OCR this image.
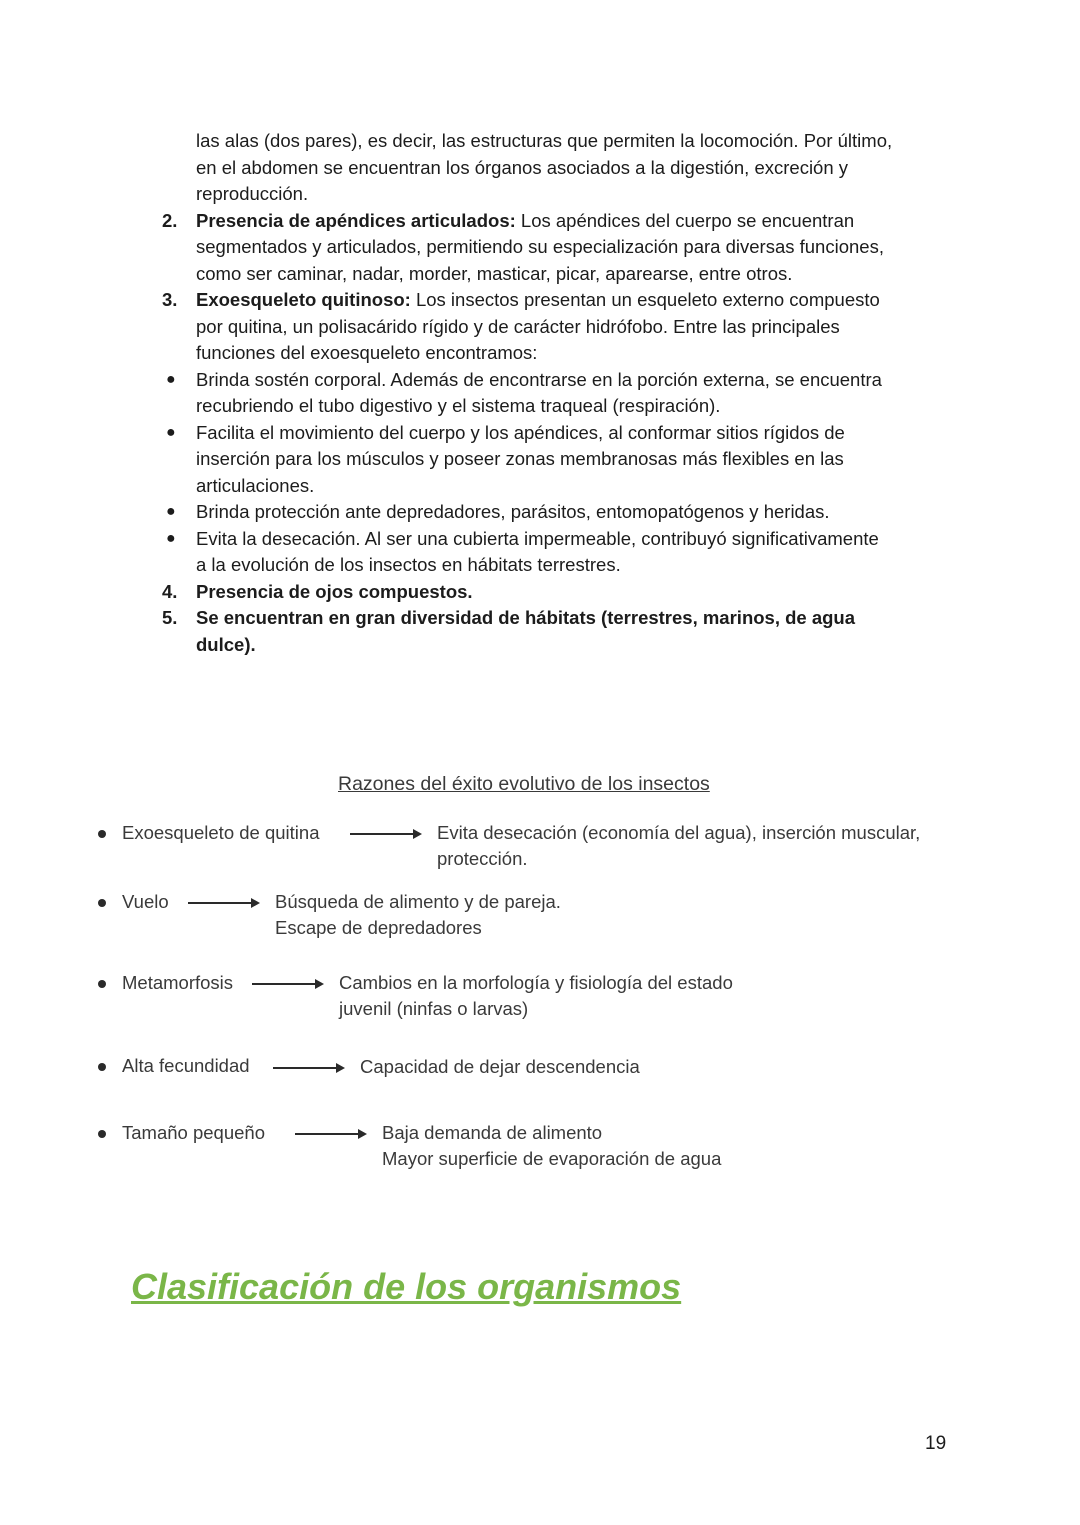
las alas (dos pares), es decir, las estructuras que permiten la locomoción. Por último,
en el abdomen se encuentran los órganos asociados a la digestión, excreción y
reproducción.
2. Presencia de apéndices articulados: Los apéndices del cuerpo se encuentran
segmentados y articulados, permitiendo su especialización para diversas funciones,
como ser caminar, nadar, morder, masticar, picar, aparearse, entre otros.
3. Exoesqueleto quitinoso: Los insectos presentan un esqueleto externo compuesto
por quitina, un polisacárido rígido y de carácter hidrófobo. Entre las principales
funciones del exoesqueleto encontramos:
● Brinda sostén corporal. Además de encontrarse en la porción externa, se encuentra
recubriendo el tubo digestivo y el sistema traqueal (respiración).
● Facilita el movimiento del cuerpo y los apéndices, al conformar sitios rígidos de
inserción para los músculos y poseer zonas membranosas más flexibles en las
articulaciones.
● Brinda protección ante depredadores, parásitos, entomopatógenos y heridas.
● Evita la desecación. Al ser una cubierta impermeable, contribuyó significativamente
a la evolución de los insectos en hábitats terrestres.
4. Presencia de ojos compuestos.
5. Se encuentran en gran diversidad de hábitats (terrestres, marinos, de agua
dulce).
Razones del éxito evolutivo de los insectos
Exoesqueleto de quitina	Evita desecación (economía del agua), inserción muscular,
protección.
Vuelo	Búsqueda de alimento y de pareja.
Escape de depredadores
Metamorfosis	Cambios en la morfología y fisiología del estado
juvenil (ninfas o larvas)
Alta fecundidad	Capacidad de dejar descendencia
Tamaño pequeño	Baja demanda de alimento
Mayor superficie de evaporación de agua
Clasificación de los organismos
19
